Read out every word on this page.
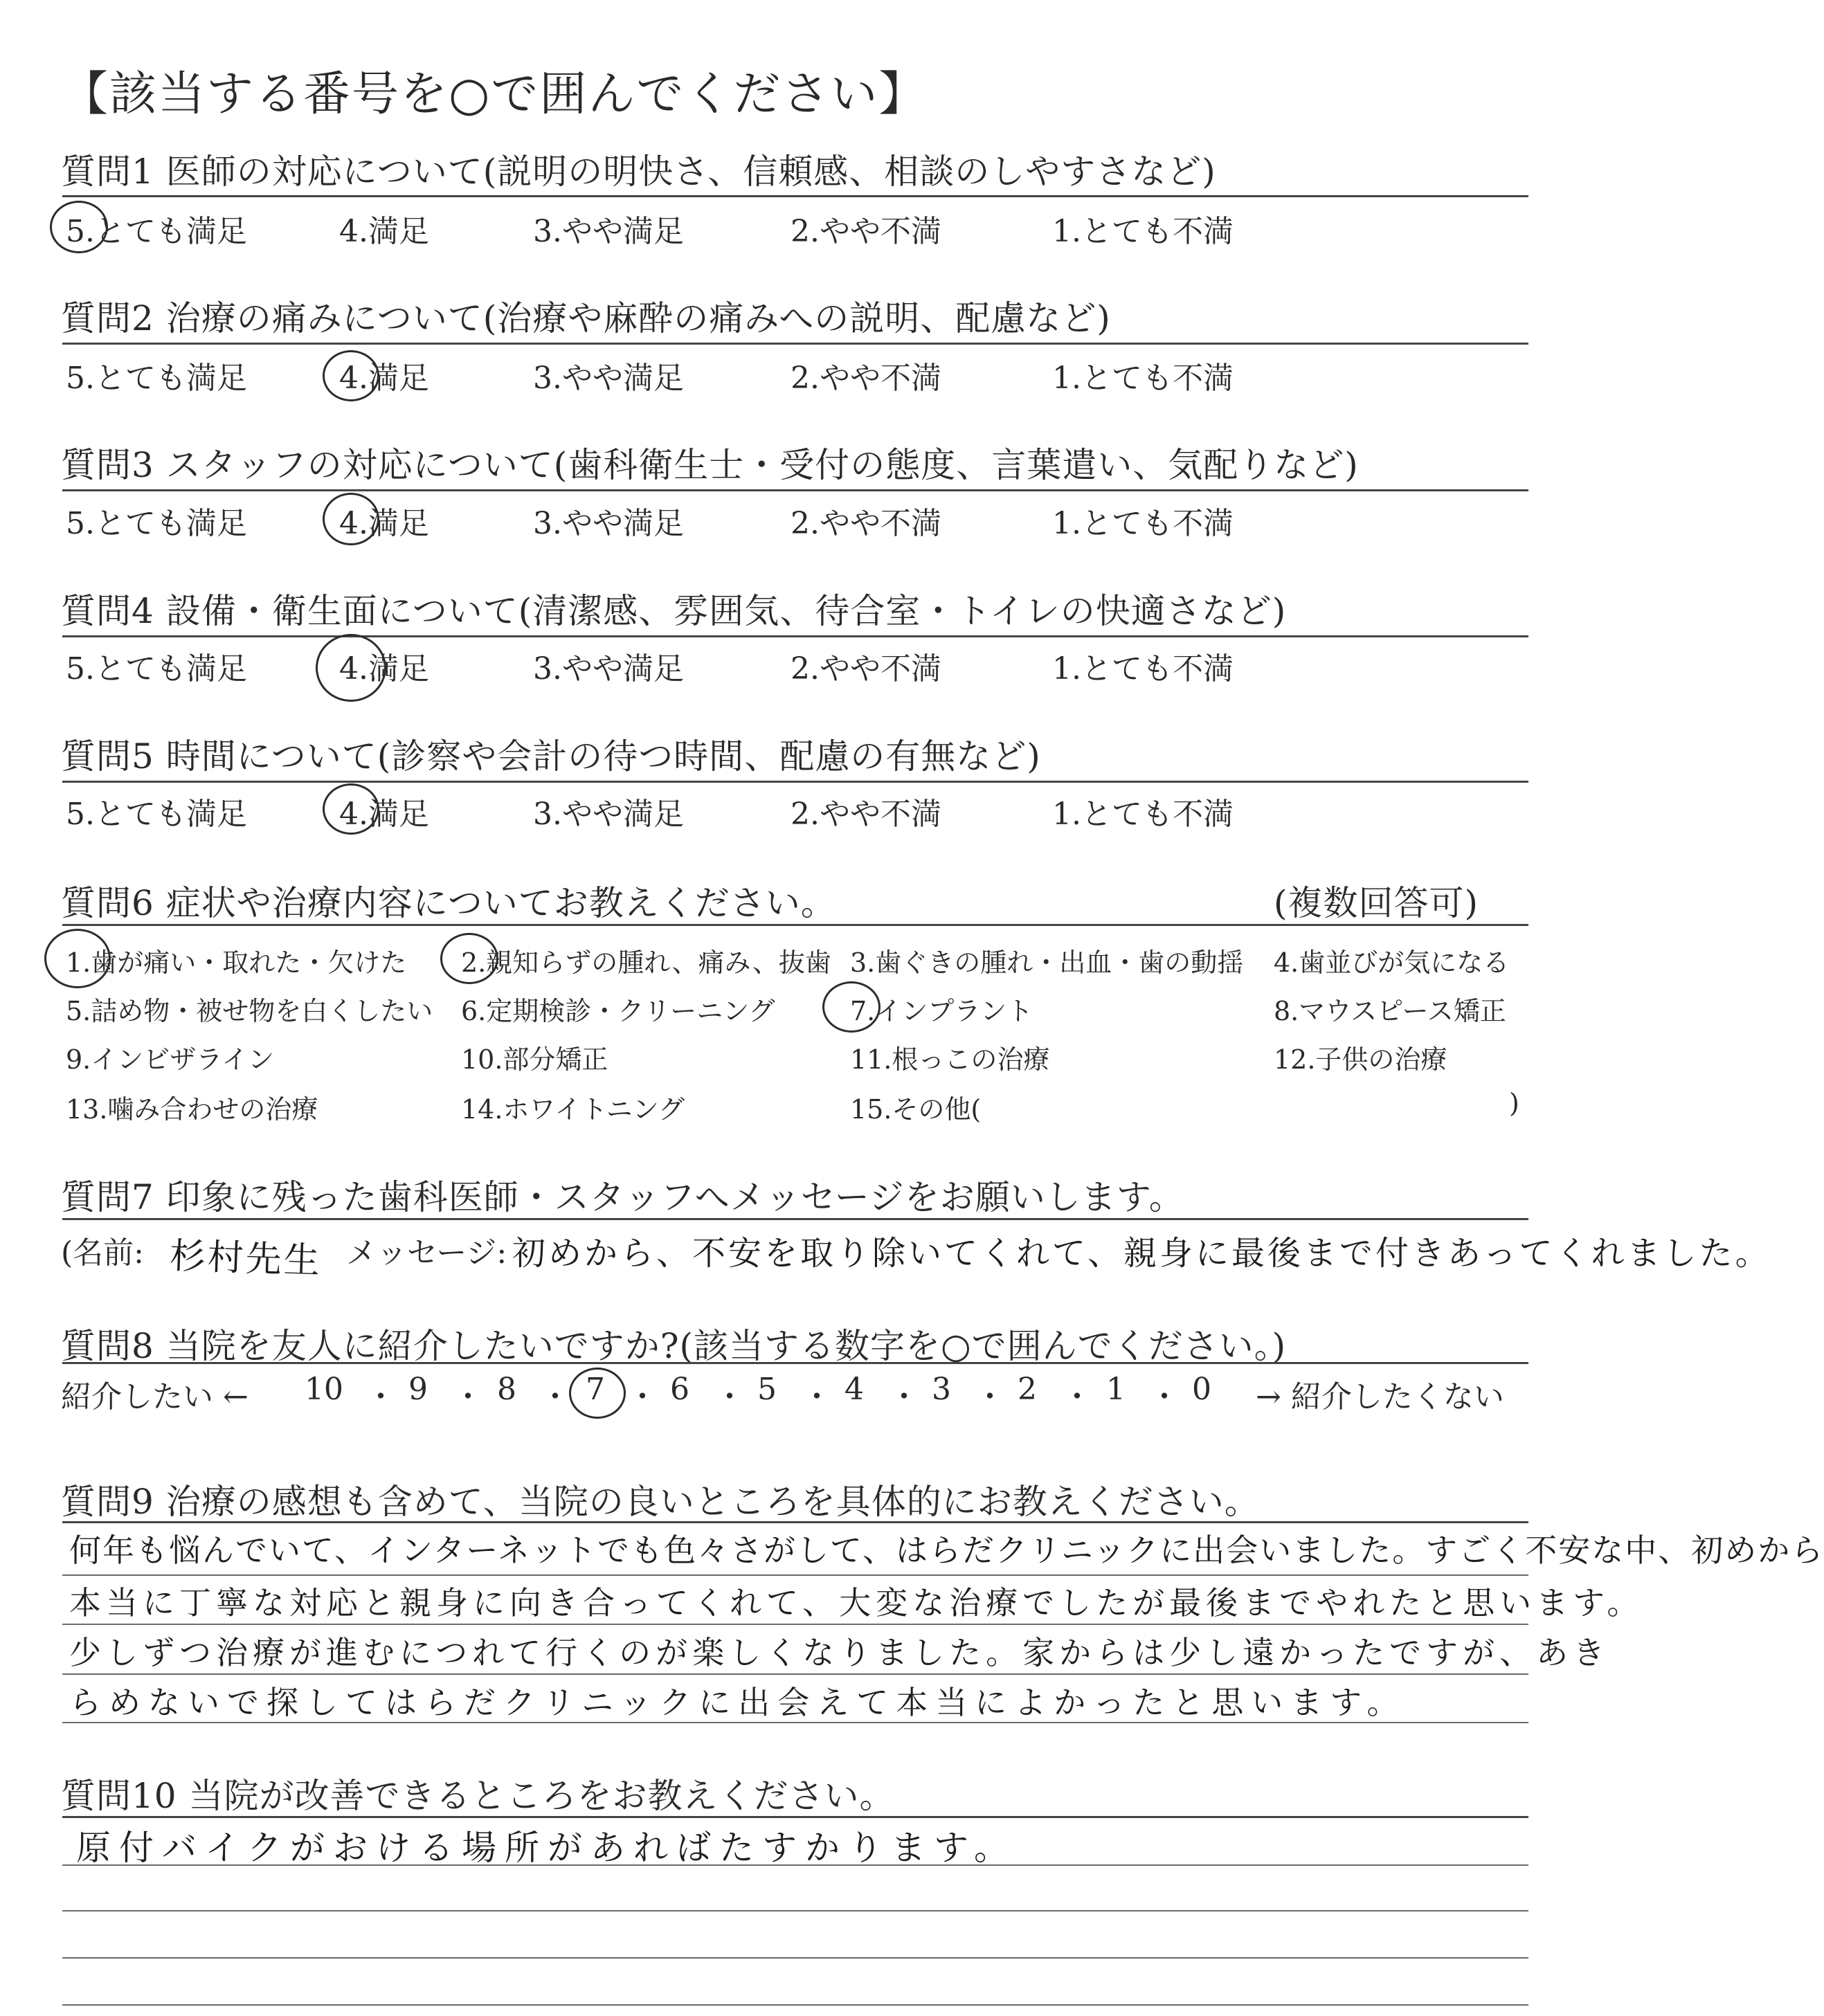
【該当する番号を○で囲んでください】
質問1 医師の対応について(説明の明快さ、信頼感、相談のしやすさなど)
5.とても満足	4.満足	3.やや満足	2.やや不満	1.とても不満
質問2 治療の痛みについて(治療や麻酔の痛みへの説明、配慮など)
5.とても満足	4.満足	3.やや満足	2.やや不満	1.とても不満
質問3 スタッフの対応について(歯科衛生士・受付の態度、言葉遣い、気配りなど)
5.とても満足	4.満足	3.やや満足	2.やや不満	1.とても不満
質問4 設備・衛生面について(清潔感、雰囲気、待合室・トイレの快適さなど)
5.とても満足	4.満足	3.やや満足	2.やや不満	1.とても不満
質問5 時間について(診察や会計の待つ時間、配慮の有無など)
5.とても満足	4.満足	3.やや満足	2.やや不満	1.とても不満
質問6 症状や治療内容についてお教えください。	(複数回答可)
1.歯が痛い・取れた・欠けた 2.親知らずの腫れ、痛み、抜歯 3.歯ぐきの腫れ・出血・歯の動揺 4.歯並びが気になる
5.詰め物・被せ物を白くしたい 6.定期検診・クリーニング	7.インプラント	8.マウスピース矯正
9.インビザライン	10.部分矯正	11.根っこの治療	12.子供の治療
13.噛み合わせの治療	14.ホワイトニング	15.その他(	)
質問7 印象に残った歯科医師・スタッフへメッセージをお願いします。
(名前: 杉村先生 メッセージ: 初めから、不安を取り除いてくれて、親身に最後まで付きあってくれました。
質問8 当院を友人に紹介したいですか?(該当する数字を○で囲んでください。)
紹介したい ← 10 ・ 9 ・ 8 ・ 7 ・ 6 ・ 5 ・ 4 ・ 3 ・ 2 ・ 1 ・ 0 → 紹介したくない
質問9 治療の感想も含めて、当院の良いところを具体的にお教えください。
何年も悩んでいて、インターネットでも色々さがして、はらだクリニックに出会いました。すごく不安な中、初めから
本当に丁寧な対応と親身に向き合ってくれて、大変な治療でしたが最後までやれたと思います。
少しずつ治療が進むにつれて行くのが楽しくなりました。家からは少し遠かったですが、あき
らめないで探してはらだクリニックに出会えて本当によかったと思います。
質問10 当院が改善できるところをお教えください。
原付バイクがおける場所があればたすかります。
